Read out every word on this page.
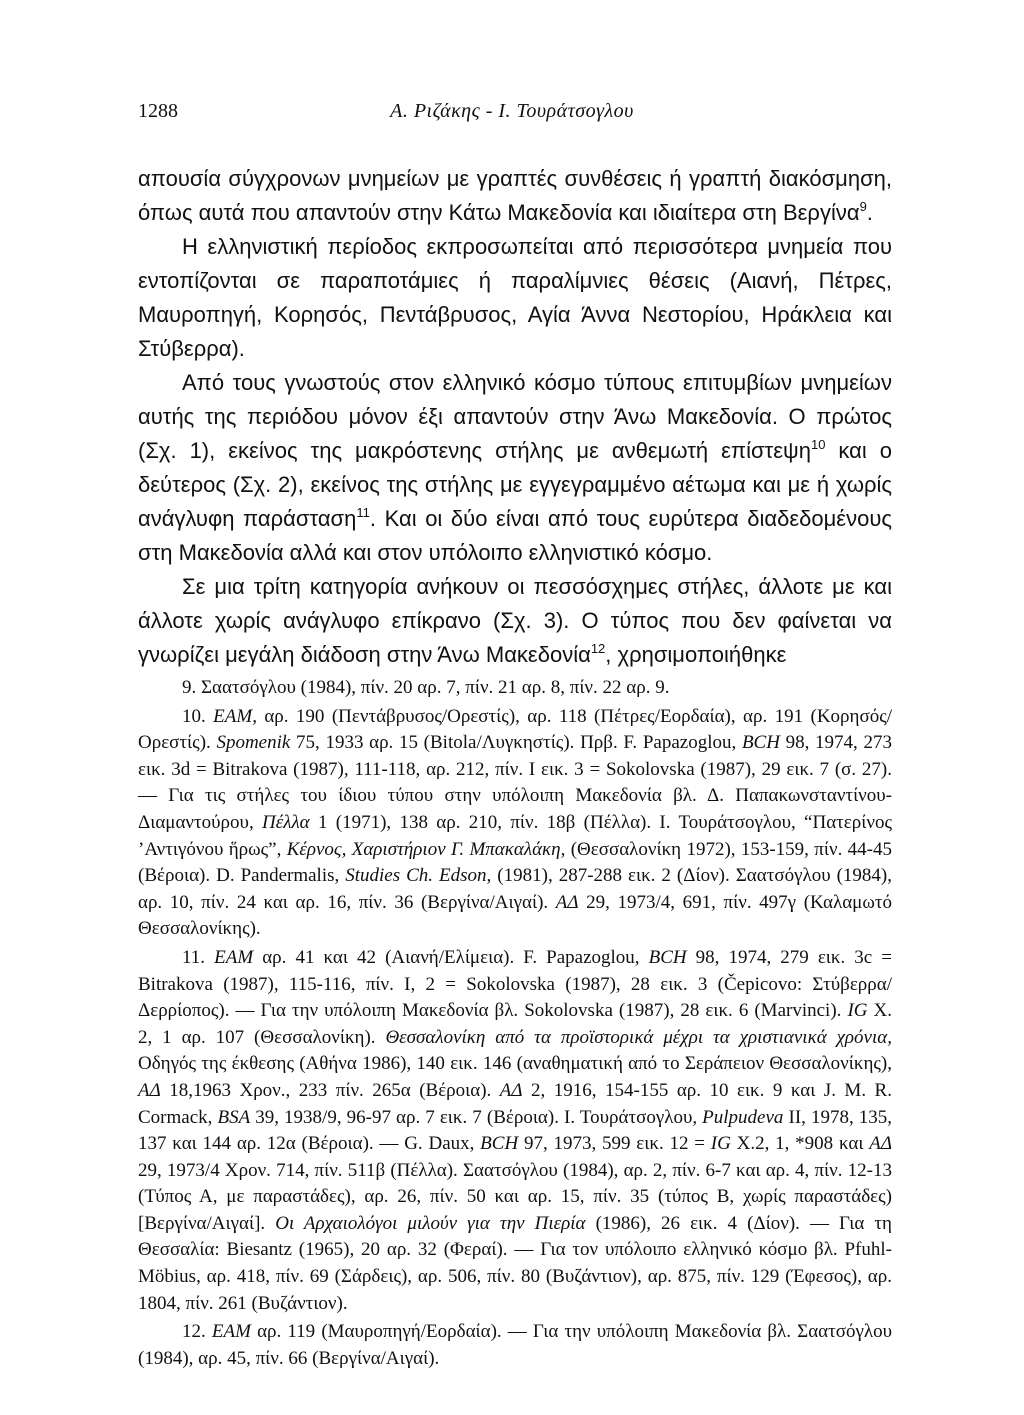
1288	Α. Ριζάκης - Ι. Τουράτσογλου

απουσία σύγχρονων μνημείων με γραπτές συνθέσεις ή γραπτή διακόσμηση, όπως αυτά που απαντούν στην Κάτω Μακεδονία και ιδιαίτερα στη Βεργίνα$^9$.

Η ελληνιστική περίοδος εκπροσωπείται από περισσότερα μνημεία που εντοπίζονται σε παραποτάμιες ή παραλίμνιες θέσεις (Αιανή, Πέτρες, Μαυροπηγή, Κορησός, Πεντάβρυσος, Αγία Άννα Νεστορίου, Ηράκλεια και Στύβερρα).

Από τους γνωστούς στον ελληνικό κόσμο τύπους επιτυμβίων μνημείων αυτής της περιόδου μόνον έξι απαντούν στην Άνω Μακεδονία. Ο πρώτος (Σχ. 1), εκείνος της μακρόστενης στήλης με ανθεμωτή επίστεψη$^{10}$ και ο δεύτερος (Σχ. 2), εκείνος της στήλης με εγγεγραμμένο αέτωμα και με ή χωρίς ανάγλυφη παράσταση$^{11}$. Και οι δύο είναι από τους ευρύτερα διαδεδομένους στη Μακεδονία αλλά και στον υπόλοιπο ελληνιστικό κόσμο.

Σε μια τρίτη κατηγορία ανήκουν οι πεσσόσχημες στήλες, άλλοτε με και άλλοτε χωρίς ανάγλυφο επίκρανο (Σχ. 3). Ο τύπος που δεν φαίνεται να γνωρίζει μεγάλη διάδοση στην Άνω Μακεδονία$^{12}$, χρησιμοποιήθηκε

9. Σαατσόγλου (1984), πίν. 20 αρ. 7, πίν. 21 αρ. 8, πίν. 22 αρ. 9.

10. ΕΑΜ, αρ. 190 (Πεντάβρυσος/Ορεστίς), αρ. 118 (Πέτρες/Εορδαία), αρ. 191 (Κορησός/Ορεστίς). Spomenik 75, 1933 αρ. 15 (Bitola/Λυγκηστίς). Πρβ. F. Papazoglou, BCH 98, 1974, 273 εικ. 3d = Bitrakova (1987), 111-118, αρ. 212, πίν. I εικ. 3 = Sokolovska (1987), 29 εικ. 7 (σ. 27). — Για τις στήλες του ίδιου τύπου στην υπόλοιπη Μακεδονία βλ. Δ. Παπακωνσταντίνου-Διαμαντούρου, Πέλλα 1 (1971), 138 αρ. 210, πίν. 18β (Πέλλα). Ι. Τουράτσογλου, “Πατερίνος ’Αντιγόνου ἥρως”, Κέρνος, Χαριστήριον Γ. Μπακαλάκη, (Θεσσαλονίκη 1972), 153-159, πίν. 44-45 (Βέροια). D. Pandermalis, Studies Ch. Edson, (1981), 287-288 εικ. 2 (Δίον). Σαατσόγλου (1984), αρ. 10, πίν. 24 και αρ. 16, πίν. 36 (Βεργίνα/Αιγαί). ΑΔ 29, 1973/4, 691, πίν. 497γ (Καλαμωτό Θεσσαλονίκης).

11. ΕΑΜ αρ. 41 και 42 (Αιανή/Ελίμεια). F. Papazoglou, BCH 98, 1974, 279 εικ. 3c = Bitrakova (1987), 115-116, πίν. I, 2 = Sokolovska (1987), 28 εικ. 3 (Čepicovo: Στύβερρα/Δερρίοπος). — Για την υπόλοιπη Μακεδονία βλ. Sokolovska (1987), 28 εικ. 6 (Marvinci). IG X. 2, 1 αρ. 107 (Θεσσαλονίκη). Θεσσαλονίκη από τα προϊστορικά μέχρι τα χριστιανικά χρόνια, Οδηγός της έκθεσης (Αθήνα 1986), 140 εικ. 146 (αναθηματική από το Σεράπειον Θεσσαλονίκης), ΑΔ 18,1963 Χρον., 233 πίν. 265α (Βέροια). ΑΔ 2, 1916, 154-155 αρ. 10 εικ. 9 και J. M. R. Cormack, BSA 39, 1938/9, 96-97 αρ. 7 εικ. 7 (Βέροια). Ι. Τουράτσογλου, Pulpudeva II, 1978, 135, 137 και 144 αρ. 12α (Βέροια). — G. Daux, BCH 97, 1973, 599 εικ. 12 = IG X.2, 1, *908 και ΑΔ 29, 1973/4 Χρον. 714, πίν. 511β (Πέλλα). Σαατσόγλου (1984), αρ. 2, πίν. 6-7 και αρ. 4, πίν. 12-13 (Τύπος Α, με παραστάδες), αρ. 26, πίν. 50 και αρ. 15, πίν. 35 (τύπος Β, χωρίς παραστάδες) [Βεργίνα/Αιγαί]. Οι Αρχαιολόγοι μιλούν για την Πιερία (1986), 26 εικ. 4 (Δίον). — Για τη Θεσσαλία: Biesantz (1965), 20 αρ. 32 (Φεραί). — Για τον υπόλοιπο ελληνικό κόσμο βλ. Pfuhl-Möbius, αρ. 418, πίν. 69 (Σάρδεις), αρ. 506, πίν. 80 (Βυζάντιον), αρ. 875, πίν. 129 (Έφεσος), αρ. 1804, πίν. 261 (Βυζάντιον).

12. ΕΑΜ αρ. 119 (Μαυροπηγή/Εορδαία). — Για την υπόλοιπη Μακεδονία βλ. Σαατσόγλου (1984), αρ. 45, πίν. 66 (Βεργίνα/Αιγαί).
